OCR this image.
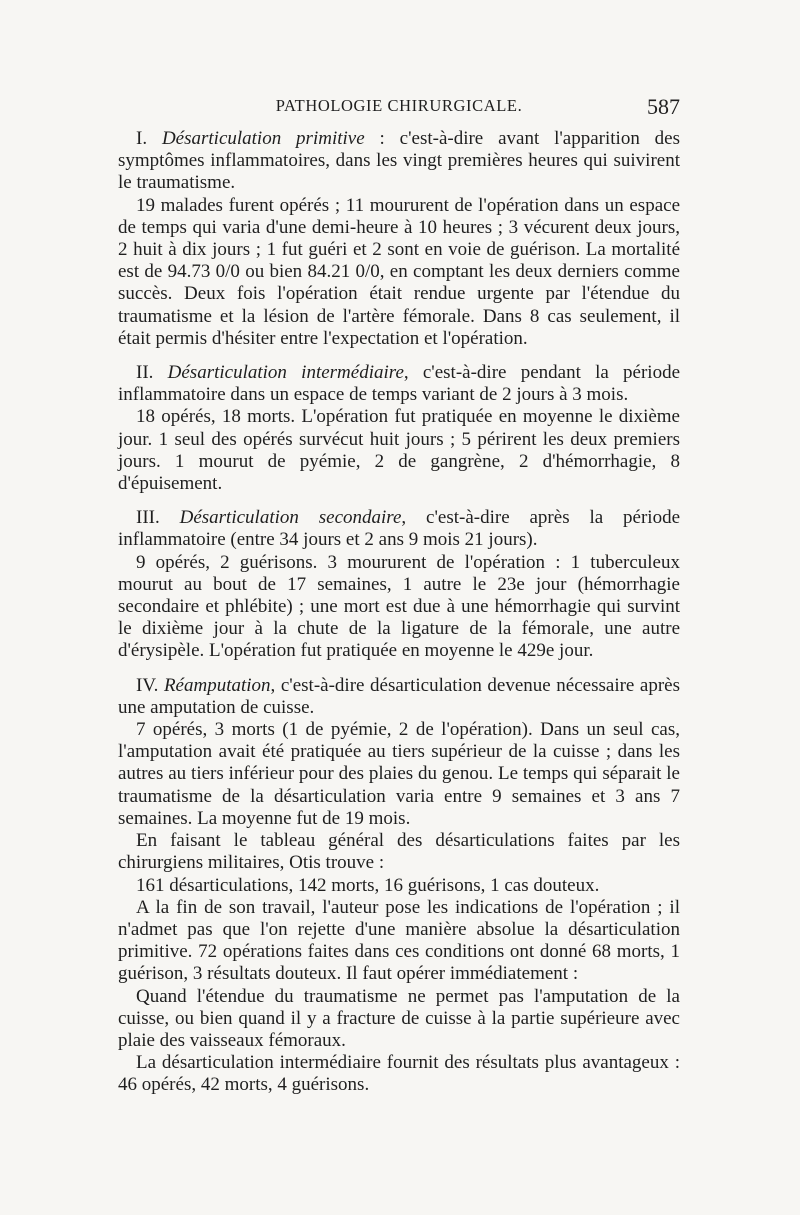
PATHOLOGIE CHIRURGICALE.	587

I. Désarticulation primitive : c'est-à-dire avant l'apparition des symptômes inflammatoires, dans les vingt premières heures qui suivirent le traumatisme.

19 malades furent opérés ; 11 moururent de l'opération dans un espace de temps qui varia d'une demi-heure à 10 heures ; 3 vécurent deux jours, 2 huit à dix jours ; 1 fut guéri et 2 sont en voie de guérison. La mortalité est de 94.73 0/0 ou bien 84.21 0/0, en comptant les deux derniers comme succès. Deux fois l'opération était rendue urgente par l'étendue du traumatisme et la lésion de l'artère fémorale. Dans 8 cas seulement, il était permis d'hésiter entre l'expectation et l'opération.

II. Désarticulation intermédiaire, c'est-à-dire pendant la période inflammatoire dans un espace de temps variant de 2 jours à 3 mois.

18 opérés, 18 morts. L'opération fut pratiquée en moyenne le dixième jour. 1 seul des opérés survécut huit jours ; 5 périrent les deux premiers jours. 1 mourut de pyémie, 2 de gangrène, 2 d'hémorrhagie, 8 d'épuisement.

III. Désarticulation secondaire, c'est-à-dire après la période inflammatoire (entre 34 jours et 2 ans 9 mois 21 jours).

9 opérés, 2 guérisons. 3 moururent de l'opération : 1 tuberculeux mourut au bout de 17 semaines, 1 autre le 23e jour (hémorrhagie secondaire et phlébite) ; une mort est due à une hémorrhagie qui survint le dixième jour à la chute de la ligature de la fémorale, une autre d'érysipèle. L'opération fut pratiquée en moyenne le 429e jour.

IV. Réamputation, c'est-à-dire désarticulation devenue nécessaire après une amputation de cuisse.

7 opérés, 3 morts (1 de pyémie, 2 de l'opération). Dans un seul cas, l'amputation avait été pratiquée au tiers supérieur de la cuisse ; dans les autres au tiers inférieur pour des plaies du genou. Le temps qui séparait le traumatisme de la désarticulation varia entre 9 semaines et 3 ans 7 semaines. La moyenne fut de 19 mois.

En faisant le tableau général des désarticulations faites par les chirurgiens militaires, Otis trouve :

161 désarticulations, 142 morts, 16 guérisons, 1 cas douteux.

A la fin de son travail, l'auteur pose les indications de l'opération ; il n'admet pas que l'on rejette d'une manière absolue la désarticulation primitive. 72 opérations faites dans ces conditions ont donné 68 morts, 1 guérison, 3 résultats douteux. Il faut opérer immédiatement :

Quand l'étendue du traumatisme ne permet pas l'amputation de la cuisse, ou bien quand il y a fracture de cuisse à la partie supérieure avec plaie des vaisseaux fémoraux.

La désarticulation intermédiaire fournit des résultats plus avantageux : 46 opérés, 42 morts, 4 guérisons.
